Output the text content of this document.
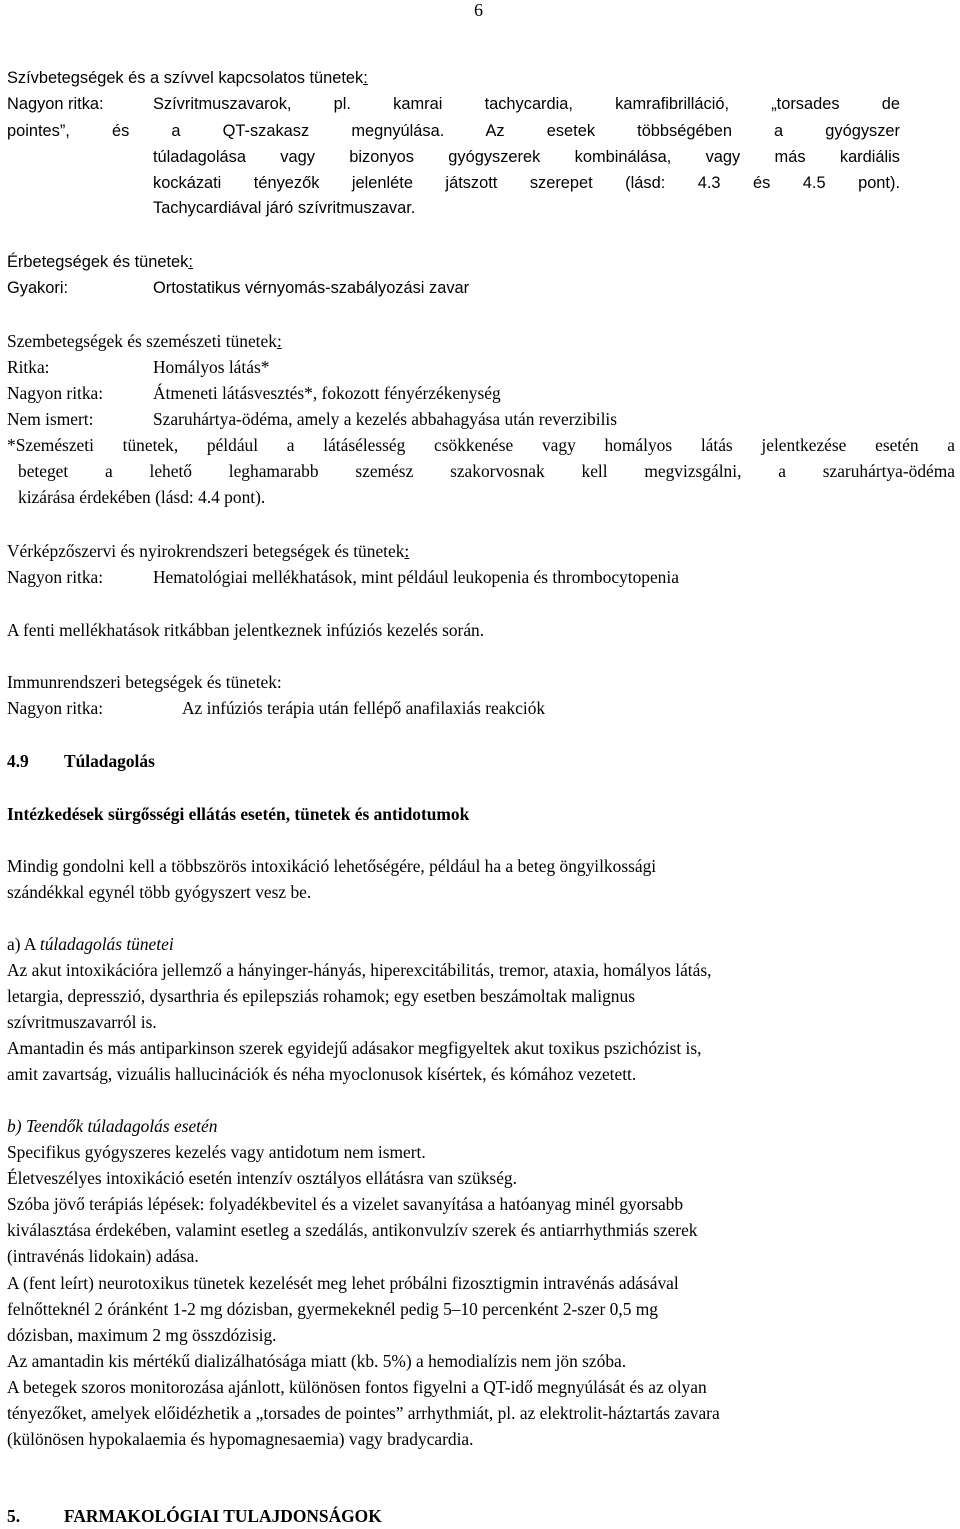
6
Szívbetegségek és a szívvel kapcsolatos tünetek:
Nagyon ritka:	Szívritmuszavarok, pl. kamrai tachycardia, kamrafibrilláció, „torsades de
pointes”, és a QT-szakasz megnyúlása. Az esetek többségében a gyógyszer
túladagolása vagy bizonyos gyógyszerek kombinálása, vagy más kardiális
kockázati tényezők jelenléte játszott szerepet (lásd: 4.3 és 4.5 pont).
Tachycardiával járó szívritmuszavar.
Érbetegségek és tünetek:
Gyakori:	Ortostatikus vérnyomás-szabályozási zavar
Szembetegségek és szemészeti tünetek:
Ritka:	Homályos látás*
Nagyon ritka:	Átmeneti látásvesztés*, fokozott fényérzékenység
Nem ismert:	Szaruhártya-ödéma, amely a kezelés abbahagyása után reverzibilis
*Szemészeti tünetek, például a látásélesség csökkenése vagy homályos látás jelentkezése esetén a
beteget a lehető leghamarabb szemész szakorvosnak kell megvizsgálni, a szaruhártya-ödéma
kizárása érdekében (lásd: 4.4 pont).
Vérképzőszervi és nyirokrendszeri betegségek és tünetek:
Nagyon ritka:	Hematológiai mellékhatások, mint például leukopenia és thrombocytopenia
A fenti mellékhatások ritkábban jelentkeznek infúziós kezelés során.
Immunrendszeri betegségek és tünetek:
Nagyon ritka:	Az infúziós terápia után fellépő anafilaxiás reakciók
4.9 Túladagolás
Intézkedések sürgősségi ellátás esetén, tünetek és antidotumok
Mindig gondolni kell a többszörös intoxikáció lehetőségére, például ha a beteg öngyilkossági
szándékkal egynél több gyógyszert vesz be.
a) A túladagolás tünetei
Az akut intoxikációra jellemző a hányinger-hányás, hiperexcitábilitás, tremor, ataxia, homályos látás,
letargia, depresszió, dysarthria és epilepsziás rohamok; egy esetben beszámoltak malignus
szívritmuszavarról is.
Amantadin és más antiparkinson szerek egyidejű adásakor megfigyeltek akut toxikus pszichózist is,
amit zavartság, vizuális hallucinációk és néha myoclonusok kísértek, és kómához vezetett.
b) Teendők túladagolás esetén
Specifikus gyógyszeres kezelés vagy antidotum nem ismert.
Életveszélyes intoxikáció esetén intenzív osztályos ellátásra van szükség.
Szóba jövő terápiás lépések: folyadékbevitel és a vizelet savanyítása a hatóanyag minél gyorsabb
kiválasztása érdekében, valamint esetleg a szedálás, antikonvulzív szerek és antiarrhythmiás szerek
(intravénás lidokain) adása.
A (fent leírt) neurotoxikus tünetek kezelését meg lehet próbálni fizosztigmin intravénás adásával
felnőtteknél 2 óránként 1-2 mg dózisban, gyermekeknél pedig 5–10 percenként 2-szer 0,5 mg
dózisban, maximum 2 mg összdózisig.
Az amantadin kis mértékű dializálhatósága miatt (kb. 5%) a hemodialízis nem jön szóba.
A betegek szoros monitorozása ajánlott, különösen fontos figyelni a QT-idő megnyúlását és az olyan
tényezőket, amelyek előidézhetik a „torsades de pointes” arrhythmiát, pl. az elektrolit-háztartás zavara
(különösen hypokalaemia és hypomagnesaemia) vagy bradycardia.
5.	FARMAKOLÓGIAI TULAJDONSÁGOK
